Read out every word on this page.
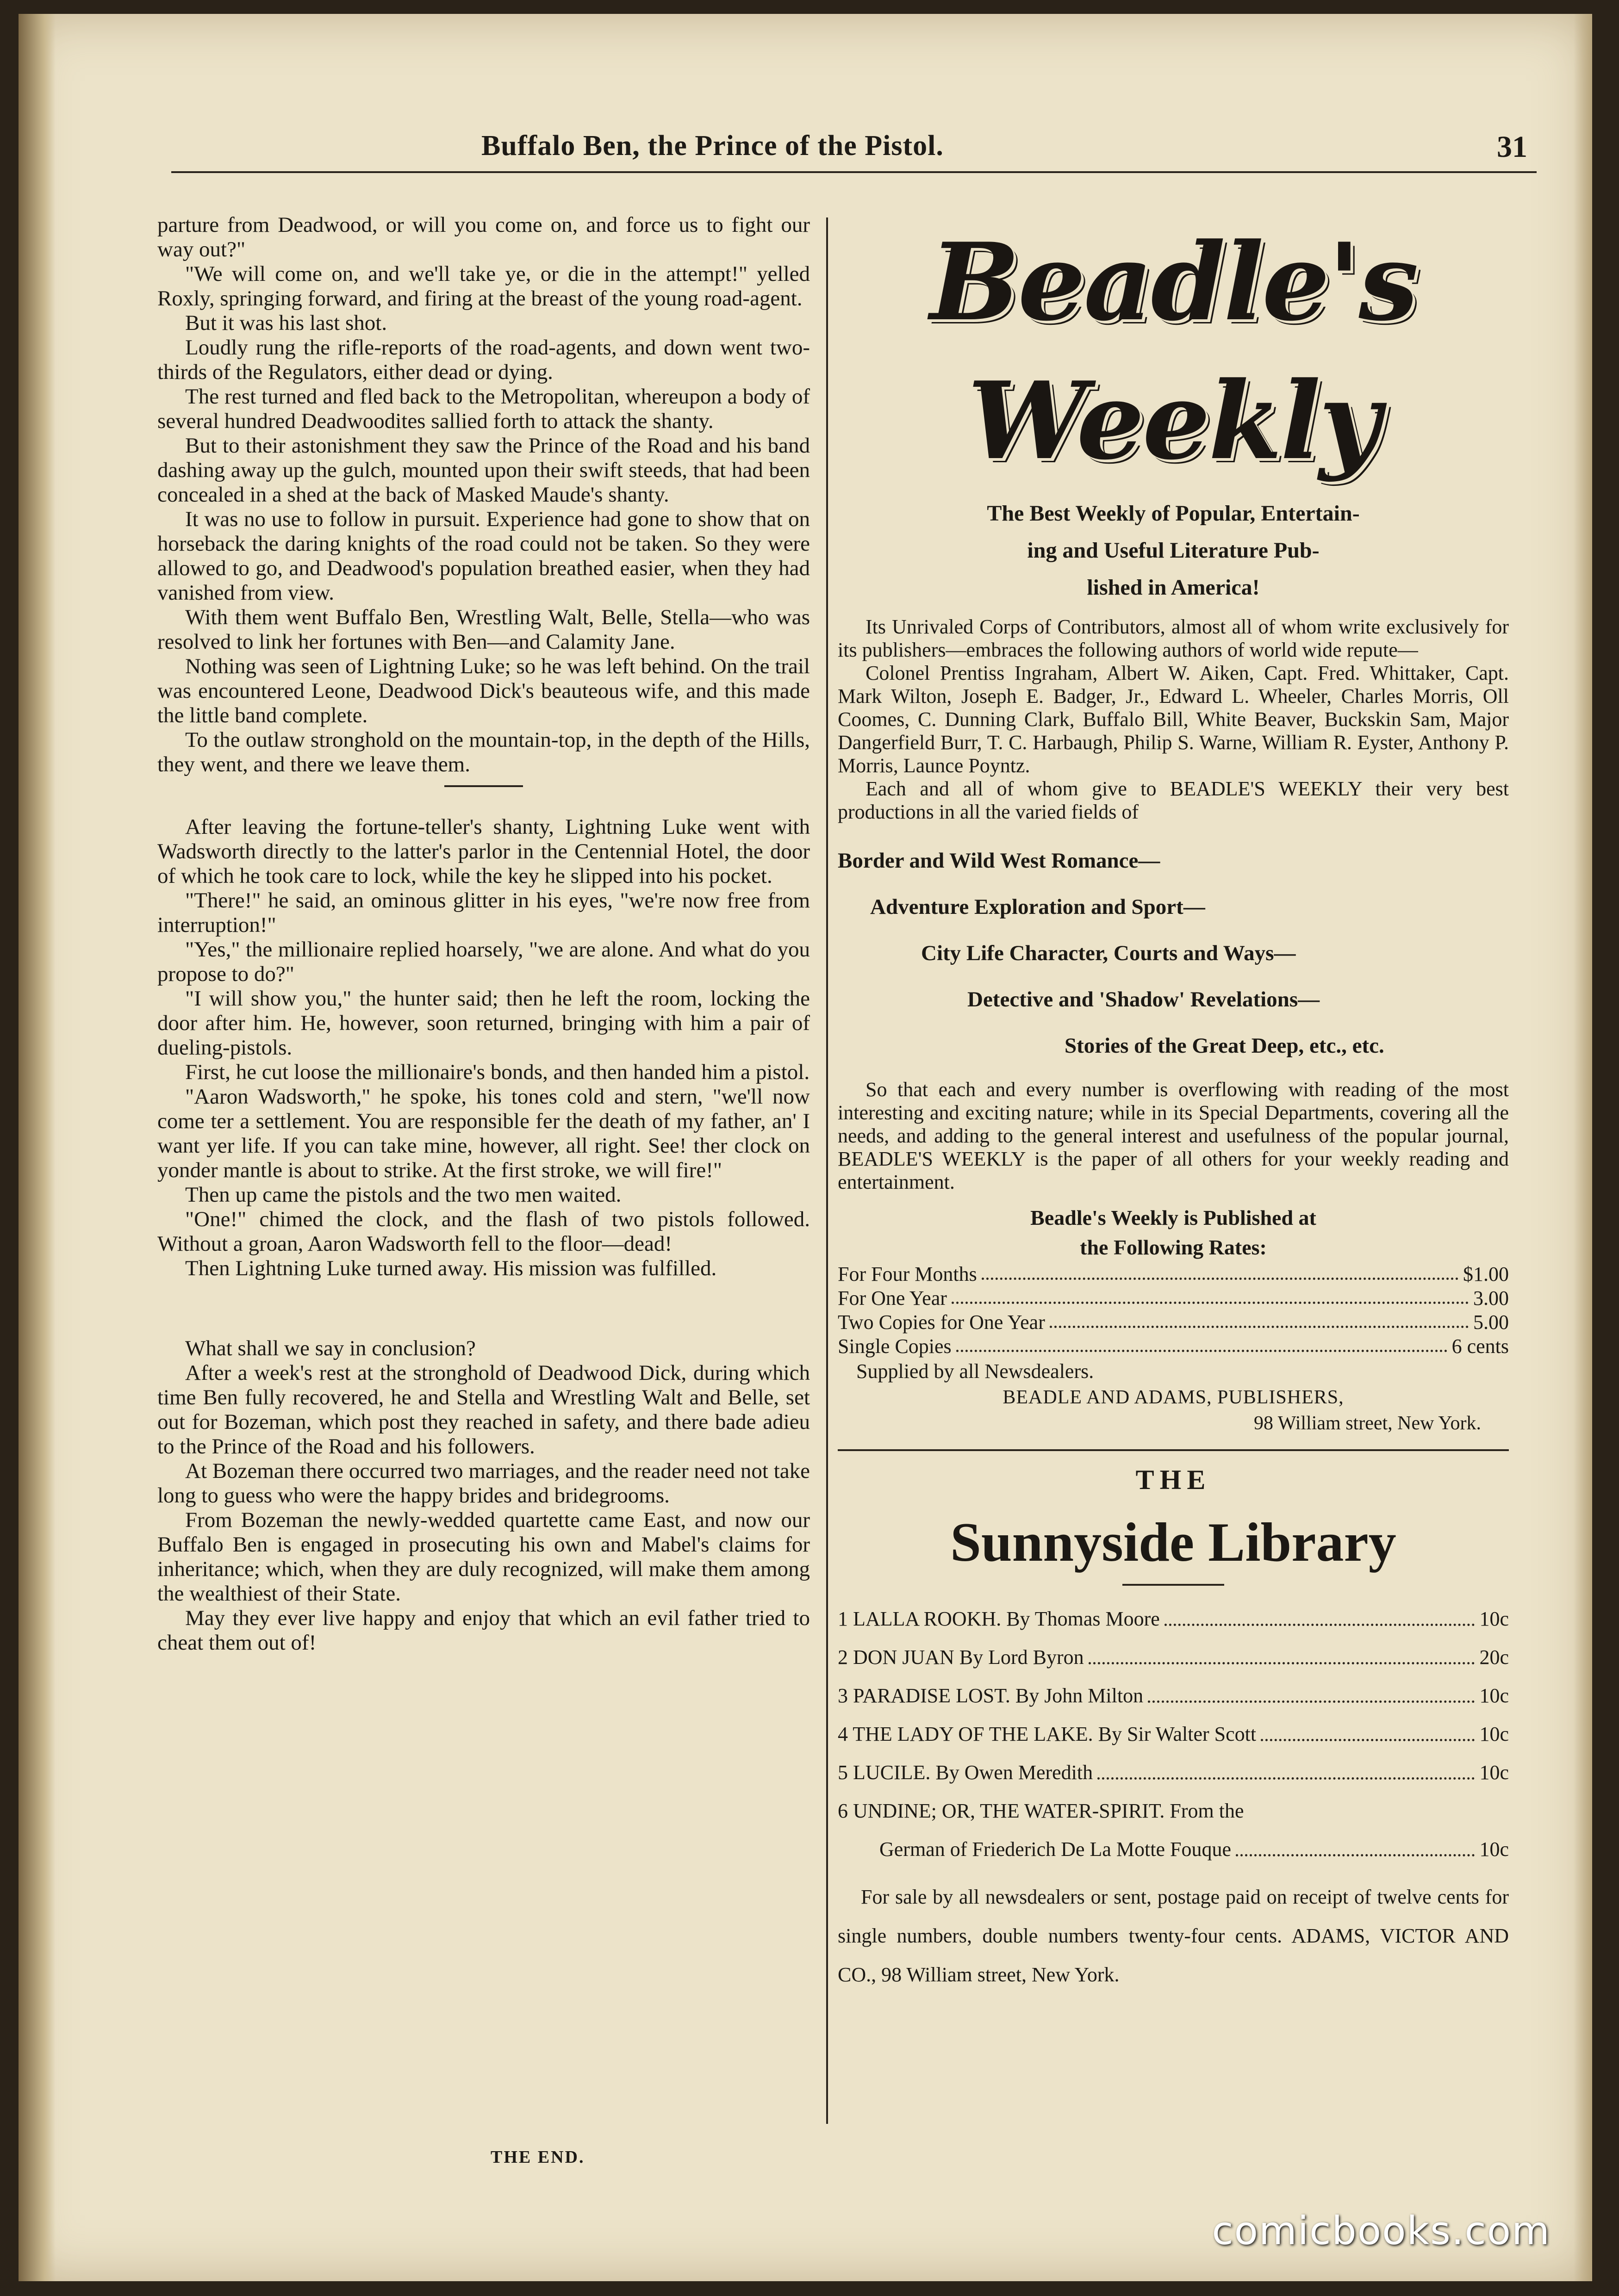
Buffalo Ben, the Prince of the Pistol.	31

parture from Deadwood, or will you come on, and force us to fight our way out?"

"We will come on, and we'll take ye, or die in the attempt!" yelled Roxly, springing forward, and firing at the breast of the young road-agent.

But it was his last shot.

Loudly rung the rifle-reports of the road-agents, and down went two-thirds of the Regulators, either dead or dying.

The rest turned and fled back to the Metropolitan, whereupon a body of several hundred Deadwoodites sallied forth to attack the shanty.

But to their astonishment they saw the Prince of the Road and his band dashing away up the gulch, mounted upon their swift steeds, that had been concealed in a shed at the back of Masked Maude's shanty.

It was no use to follow in pursuit. Experience had gone to show that on horseback the daring knights of the road could not be taken. So they were allowed to go, and Deadwood's population breathed easier, when they had vanished from view.

With them went Buffalo Ben, Wrestling Walt, Belle, Stella—who was resolved to link her fortunes with Ben—and Calamity Jane.

Nothing was seen of Lightning Luke; so he was left behind. On the trail was encountered Leone, Deadwood Dick's beauteous wife, and this made the little band complete.

To the outlaw stronghold on the mountain-top, in the depth of the Hills, they went, and there we leave them.

After leaving the fortune-teller's shanty, Lightning Luke went with Wadsworth directly to the latter's parlor in the Centennial Hotel, the door of which he took care to lock, while the key he slipped into his pocket.

"There!" he said, an ominous glitter in his eyes, "we're now free from interruption!"

"Yes," the millionaire replied hoarsely, "we are alone. And what do you propose to do?"

"I will show you," the hunter said; then he left the room, locking the door after him. He, however, soon returned, bringing with him a pair of dueling-pistols.

First, he cut loose the millionaire's bonds, and then handed him a pistol.

"Aaron Wadsworth," he spoke, his tones cold and stern, "we'll now come ter a settlement. You are responsible fer the death of my father, an' I want yer life. If you can take mine, however, all right. See! ther clock on yonder mantle is about to strike. At the first stroke, we will fire!"

Then up came the pistols and the two men waited.

"One!" chimed the clock, and the flash of two pistols followed. Without a groan, Aaron Wadsworth fell to the floor—dead!

Then Lightning Luke turned away. His mission was fulfilled.

What shall we say in conclusion?

After a week's rest at the stronghold of Deadwood Dick, during which time Ben fully recovered, he and Stella and Wrestling Walt and Belle, set out for Bozeman, which post they reached in safety, and there bade adieu to the Prince of the Road and his followers.

At Bozeman there occurred two marriages, and the reader need not take long to guess who were the happy brides and bridegrooms.

From Bozeman the newly-wedded quartette came East, and now our Buffalo Ben is engaged in prosecuting his own and Mabel's claims for inheritance; which, when they are duly recognized, will make them among the wealthiest of their State.

May they ever live happy and enjoy that which an evil father tried to cheat them out of!

THE END.
Beadle's Weekly
The Best Weekly of Popular, Entertain-
ing and Useful Literature Pub-
lished in America!

Its Unrivaled Corps of Contributors, almost all of whom write exclusively for its publishers—embraces the following authors of world wide repute—

Colonel Prentiss Ingraham, Albert W. Aiken, Capt. Fred. Whittaker, Capt. Mark Wilton, Joseph E. Badger, Jr., Edward L. Wheeler, Charles Morris, Oll Coomes, C. Dunning Clark, Buffalo Bill, White Beaver, Buckskin Sam, Major Dangerfield Burr, T. C. Harbaugh, Philip S. Warne, William R. Eyster, Anthony P. Morris, Launce Poyntz.

Each and all of whom give to BEADLE'S WEEKLY their very best productions in all the varied fields of

Border and Wild West Romance—
Adventure Exploration and Sport—
City Life Character, Courts and Ways—
Detective and 'Shadow' Revelations—
Stories of the Great Deep, etc., etc.

So that each and every number is overflowing with reading of the most interesting and exciting nature; while in its Special Departments, covering all the needs, and adding to the general interest and usefulness of the popular journal, BEADLE'S WEEKLY is the paper of all others for your weekly reading and entertainment.

Beadle's Weekly is Published at
the Following Rates:
For Four Months	$1.00
For One Year	3.00
Two Copies for One Year	5.00
Single Copies	6 cents
Supplied by all Newsdealers.
BEADLE AND ADAMS, PUBLISHERS,
98 William street, New York.
THE
Sunnyside Library
1 LALLA ROOKH. By Thomas Moore	10c
2 DON JUAN By Lord Byron	20c
3 PARADISE LOST. By John Milton	10c
4 THE LADY OF THE LAKE. By Sir Walter Scott	10c
5 LUCILE. By Owen Meredith	10c
6 UNDINE; OR, THE WATER-SPIRIT. From the
German of Friederich De La Motte Fouque	10c
For sale by all newsdealers or sent, postage paid on receipt of twelve cents for single numbers, double numbers twenty-four cents. ADAMS, VICTOR AND CO., 98 William street, New York.
comicbooks.com
